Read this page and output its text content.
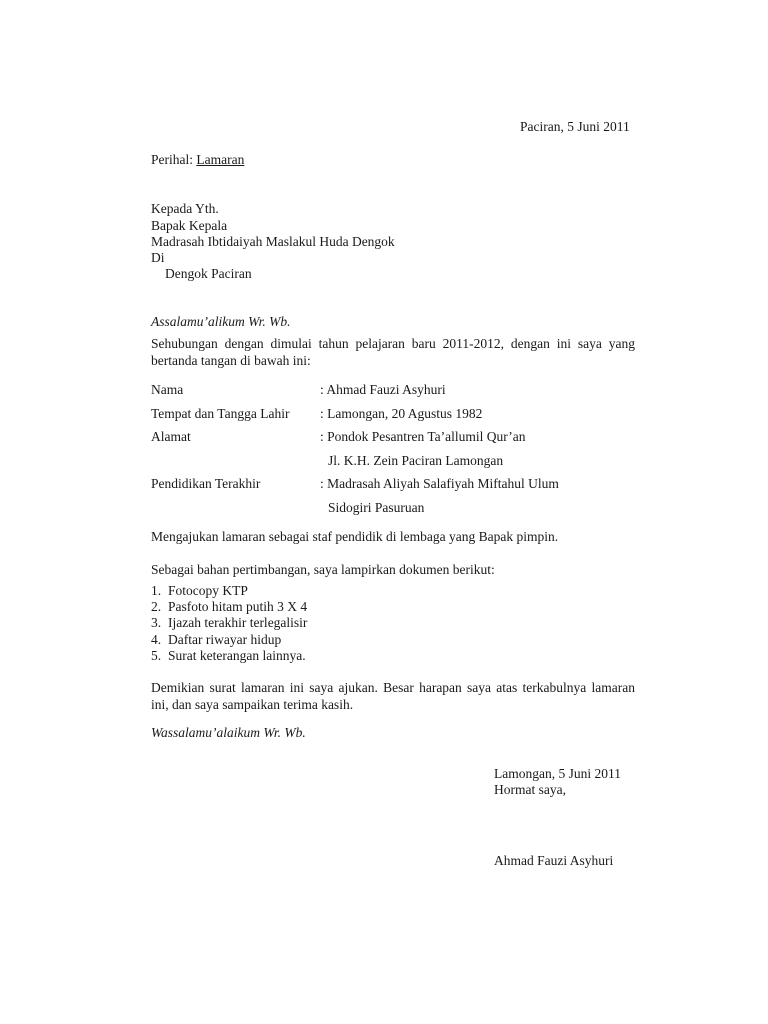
Paciran, 5 Juni 2011
Perihal: Lamaran
Kepada Yth.
Bapak Kepala
Madrasah Ibtidaiyah Maslakul Huda Dengok
Di
Dengok Paciran
Assalamu’alikum Wr. Wb.
Sehubungan dengan dimulai tahun pelajaran baru 2011-2012, dengan ini saya yang bertanda tangan di bawah ini:
Nama	: Ahmad Fauzi Asyhuri
Tempat dan Tangga Lahir : Lamongan, 20 Agustus 1982
Alamat	: Pondok Pesantren Ta’allumil Qur’an
Jl. K.H. Zein Paciran Lamongan
Pendidikan Terakhir	: Madrasah Aliyah Salafiyah Miftahul Ulum
Sidogiri Pasuruan
Mengajukan lamaran sebagai staf pendidik di lembaga yang Bapak pimpin.
Sebagai bahan pertimbangan, saya lampirkan dokumen berikut:
1. Fotocopy KTP
2. Pasfoto hitam putih 3 X 4
3. Ijazah terakhir terlegalisir
4. Daftar riwayar hidup
5. Surat keterangan lainnya.
Demikian surat lamaran ini saya ajukan. Besar harapan saya atas terkabulnya lamaran ini, dan saya sampaikan terima kasih.
Wassalamu’alaikum Wr. Wb.
Lamongan, 5 Juni 2011
Hormat saya,
Ahmad Fauzi Asyhuri
